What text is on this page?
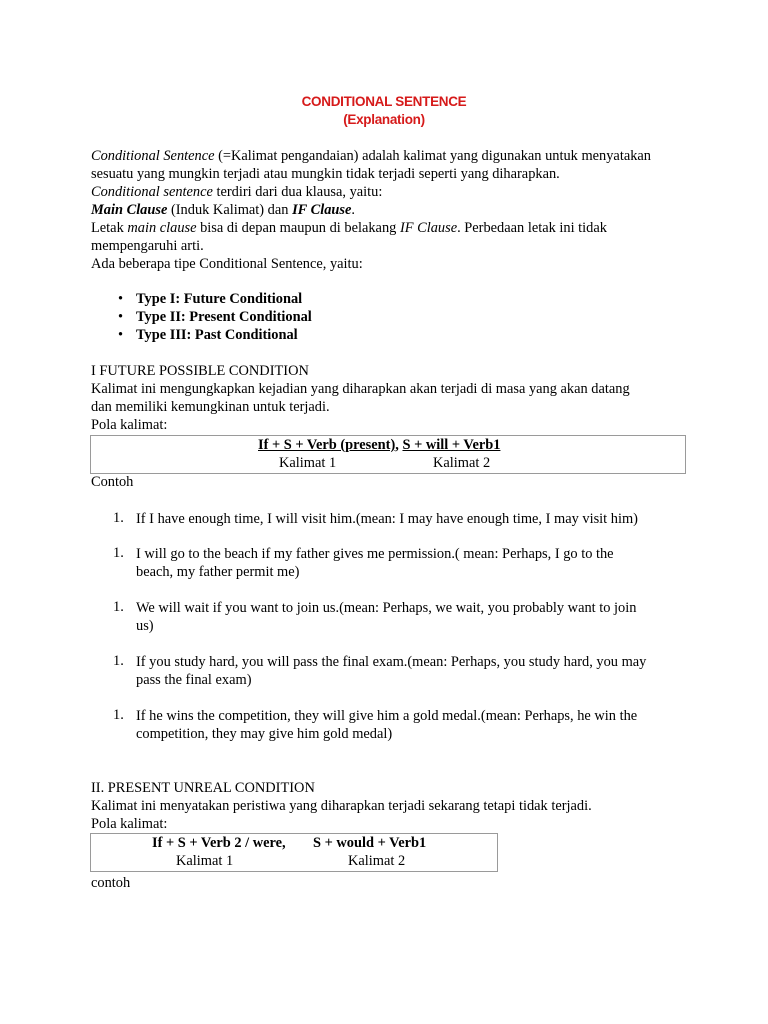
CONDITIONAL SENTENCE
(Explanation)
Conditional Sentence (=Kalimat pengandaian) adalah kalimat yang digunakan untuk menyatakan
sesuatu yang mungkin terjadi atau mungkin tidak terjadi seperti yang diharapkan.
Conditional sentence terdiri dari dua klausa, yaitu:
Main Clause (Induk Kalimat) dan IF Clause.
Letak main clause bisa di depan maupun di belakang IF Clause. Perbedaan letak ini tidak
mempengaruhi arti.
Ada beberapa tipe Conditional Sentence, yaitu:
• Type I: Future Conditional
• Type II: Present Conditional
• Type III: Past Conditional
I FUTURE POSSIBLE CONDITION
Kalimat ini mengungkapkan kejadian yang diharapkan akan terjadi di masa yang akan datang
dan memiliki kemungkinan untuk terjadi.
Pola kalimat:
If + S + Verb (present), S + will + Verb1
Kalimat 1	Kalimat 2
Contoh
1. If I have enough time, I will visit him.(mean: I may have enough time, I may visit him)
1. I will go to the beach if my father gives me permission.( mean: Perhaps, I go to the
beach, my father permit me)
1. We will wait if you want to join us.(mean: Perhaps, we wait, you probably want to join
us)
1. If you study hard, you will pass the final exam.(mean: Perhaps, you study hard, you may
pass the final exam)
1. If he wins the competition, they will give him a gold medal.(mean: Perhaps, he win the
competition, they may give him gold medal)
II. PRESENT UNREAL CONDITION
Kalimat ini menyatakan peristiwa yang diharapkan terjadi sekarang tetapi tidak terjadi.
Pola kalimat:
If + S + Verb 2 / were, S + would + Verb1
Kalimat 1	Kalimat 2
contoh
